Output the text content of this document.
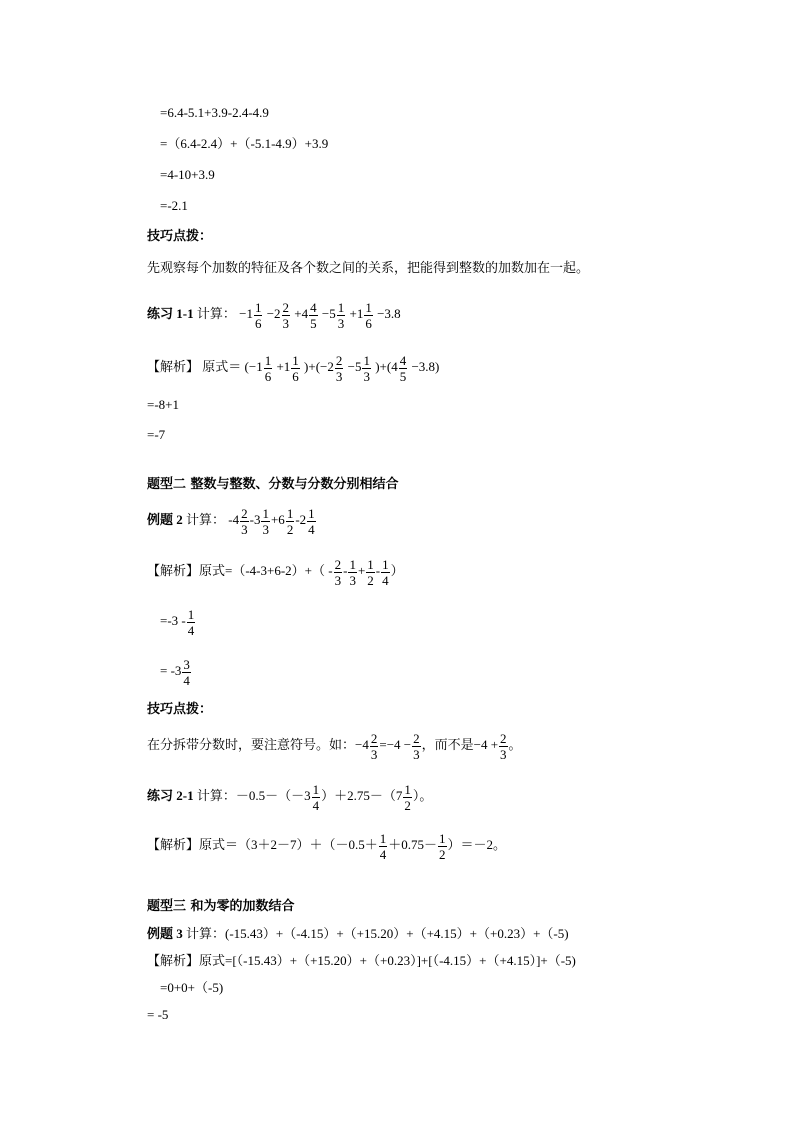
=6.4-5.1+3.9-2.4-4.9
=（6.4-2.4）+（-5.1-4.9）+3.9
=4-10+3.9
=-2.1
技巧点拨：
先观察每个加数的特征及各个数之间的关系，把能得到整数的加数加在一起。
练习 1-1 计算： $-1 \frac{1}{6} -2 \frac{2}{3} +4 \frac{4}{5} -5 \frac{1}{3} +1 \frac{1}{6} -3.8$
【解析】 原式＝ $(-1 \frac{1}{6} +1 \frac{1}{6} )+(-2 \frac{2}{3} -5 \frac{1}{3} )+(4 \frac{4}{5} -3.8)$
=-8+1
=-7
题型二 整数与整数、分数与分数分别相结合
例题 2 计算： $-4 \frac{2}{3} -3 \frac{1}{3} +6 \frac{1}{2} -2 \frac{1}{4}$
【解析】原式$=(-4-3+6-2)+( - \frac{2}{3} - \frac{1}{3} + \frac{1}{2} - \frac{1}{4}$ ）
$=-3 - \frac{1}{4}$
= $-3 \frac{3}{4}$
技巧点拨：
在分拆带分数时，要注意符号。如：$-4 \frac{2}{3} =-4 - \frac{2}{3}$ ，而不是$-4 + \frac{2}{3}$ 。
练习 2-1 计算：$-0.5-(-3 \frac{1}{4} )+2.75-(7 \frac{1}{2}$ ）。
【解析】原式$=(3+2-7)+(-0.5+ \frac{1}{4} +0.75- \frac{1}{2} )=-2$。
题型三 和为零的加数结合
例题 3 计算：(-15.43）+（-4.15）+（+15.20）+（+4.15）+（+0.23）+（-5)
【解析】原式=[（-15.43）+（+15.20）+（+0.23）]+[（-4.15）+（+4.15）]+（-5)
=0+0+（-5)
= -5
